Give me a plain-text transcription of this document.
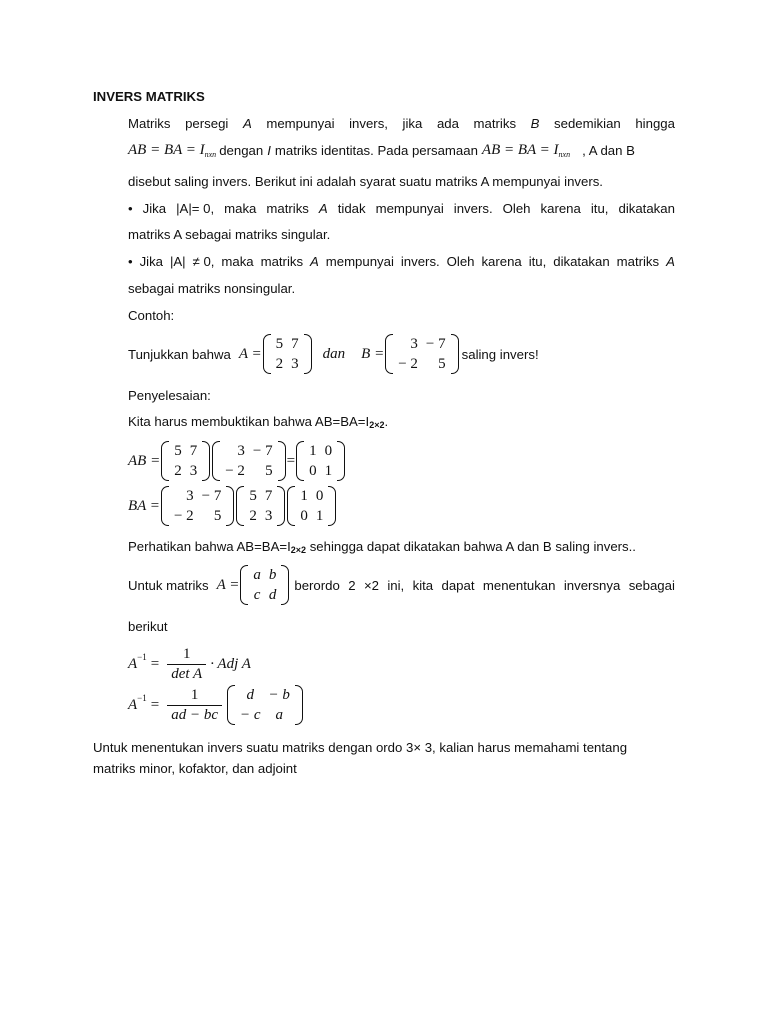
INVERS MATRIKS
Matriks persegi A mempunyai invers, jika ada matriks B sedemikian hingga
AB = BA = I nxn dengan I matriks identitas. Pada persamaan AB = BA = I nxn , A dan B
disebut saling invers. Berikut ini adalah syarat suatu matriks A mempunyai invers.
• Jika |A|= 0, maka matriks A tidak mempunyai invers. Oleh karena itu, dikatakan
matriks A sebagai matriks singular.
• Jika |A| ≠ 0, maka matriks A mempunyai invers. Oleh karena itu, dikatakan matriks A
sebagai matriks nonsingular.
Contoh:
Tunjukkan bahwa A =
5	7
2	3
dan B =
3	− 7
− 2	5
saling invers!
Penyelesaian:
Kita harus membuktikan bahwa AB=BA=I2×2.
AB =
5	7
2	3
3	− 7
− 2	5
=
1	0
0	1
BA =
3	− 7
− 2	5
5	7
2	3
1	0
0	1
Perhatikan bahwa AB=BA=I2×2 sehingga dapat dikatakan bahwa A dan B saling invers..
Untuk matriks A =
a	b
c	d
berordo 2 ×2 ini, kita dapat menentukan inversnya sebagai
berikut
$A -1 = \frac{1}{\text{det A}}$ · Adj A
$A -1 = \frac{1}{ad - bc}$ d	− b
− c	a
Untuk menentukan invers suatu matriks dengan ordo 3× 3, kalian harus memahami tentang
matriks minor, kofaktor, dan adjoint
